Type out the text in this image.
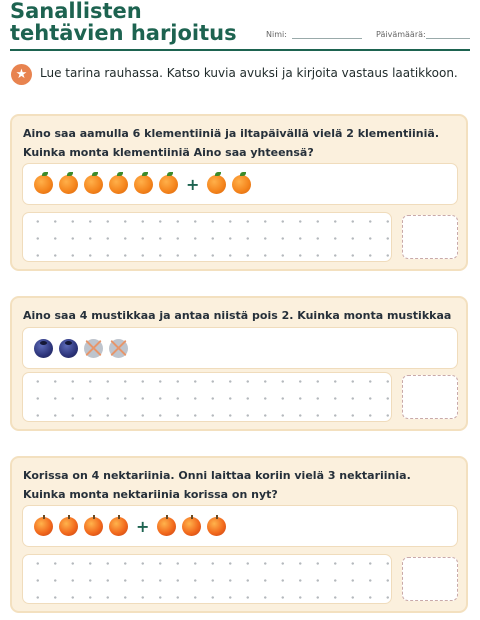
Sanallisten tehtävien harjoitus	Nimi:	Päivämäärä:
★	Lue tarina rauhassa. Katso kuvia avuksi ja kirjoita vastaus laatikkoon.
Aino saa aamulla 6 klementiiniä ja iltapäivällä vielä 2 klementiiniä. Kuinka monta klementiiniä Aino saa yhteensä?
+
Aino saa 4 mustikkaa ja antaa niistä pois 2. Kuinka monta mustikkaa
Korissa on 4 nektariinia. Onni laittaa koriin vielä 3 nektariinia. Kuinka monta nektariinia korissa on nyt?
+
